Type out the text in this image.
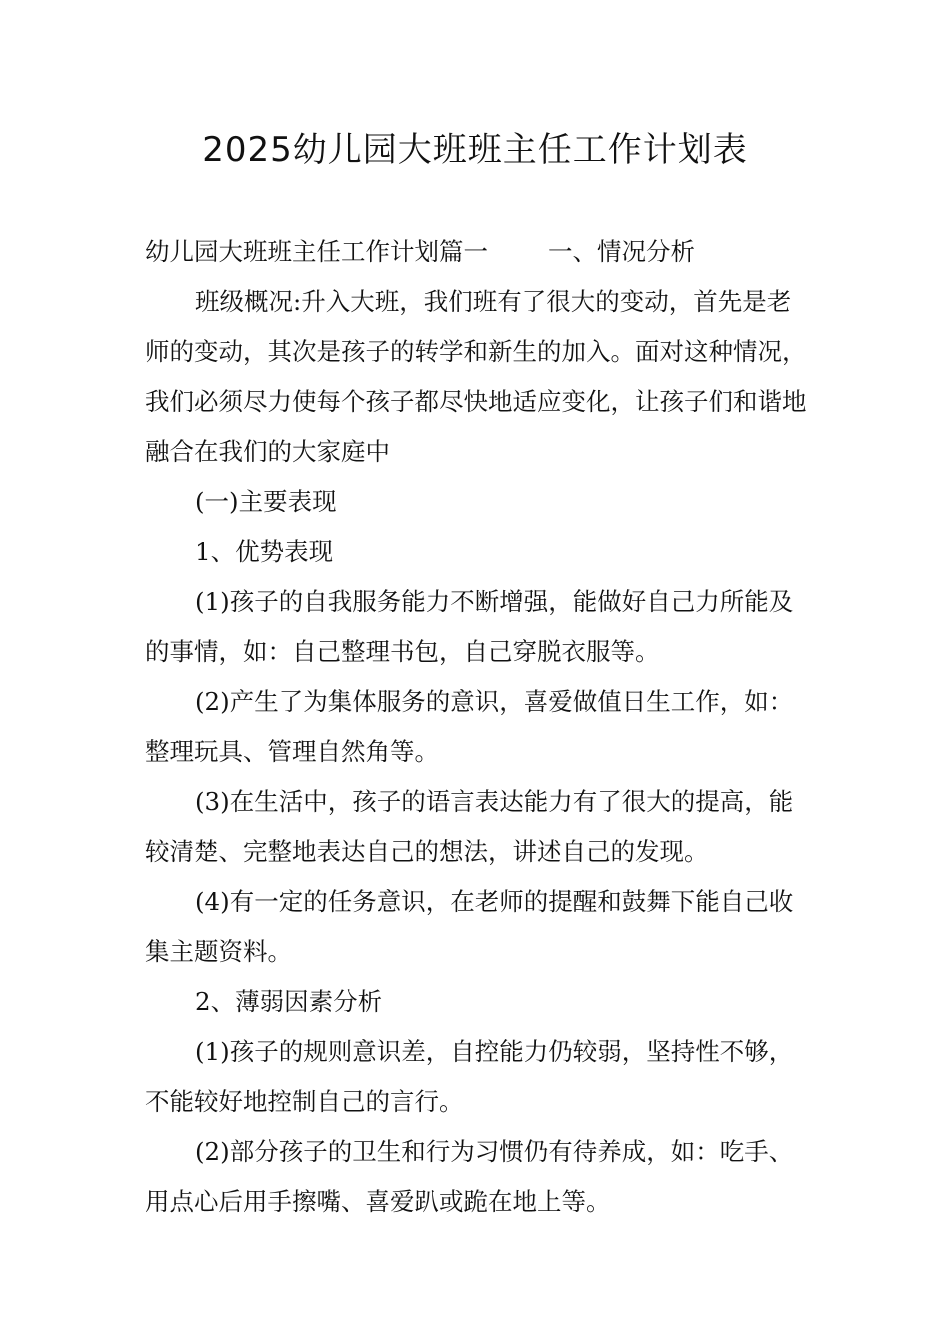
2025幼儿园大班班主任工作计划表

幼儿园大班班主任工作计划篇一 一、情况分析

班级概况:升入大班，我们班有了很大的变动，首先是老师的变动，其次是孩子的转学和新生的加入。面对这种情况，我们必须尽力使每个孩子都尽快地适应变化，让孩子们和谐地融合在我们的大家庭中

(一)主要表现

1、优势表现

(1)孩子的自我服务能力不断增强，能做好自己力所能及的事情，如：自己整理书包，自己穿脱衣服等。

(2)产生了为集体服务的意识，喜爱做值日生工作，如：整理玩具、管理自然角等。

(3)在生活中，孩子的语言表达能力有了很大的提高，能较清楚、完整地表达自己的想法，讲述自己的发现。

(4)有一定的任务意识，在老师的提醒和鼓舞下能自己收集主题资料。

2、薄弱因素分析

(1)孩子的规则意识差，自控能力仍较弱，坚持性不够，不能较好地控制自己的言行。

(2)部分孩子的卫生和行为习惯仍有待养成，如：吃手、用点心后用手擦嘴、喜爱趴或跪在地上等。
